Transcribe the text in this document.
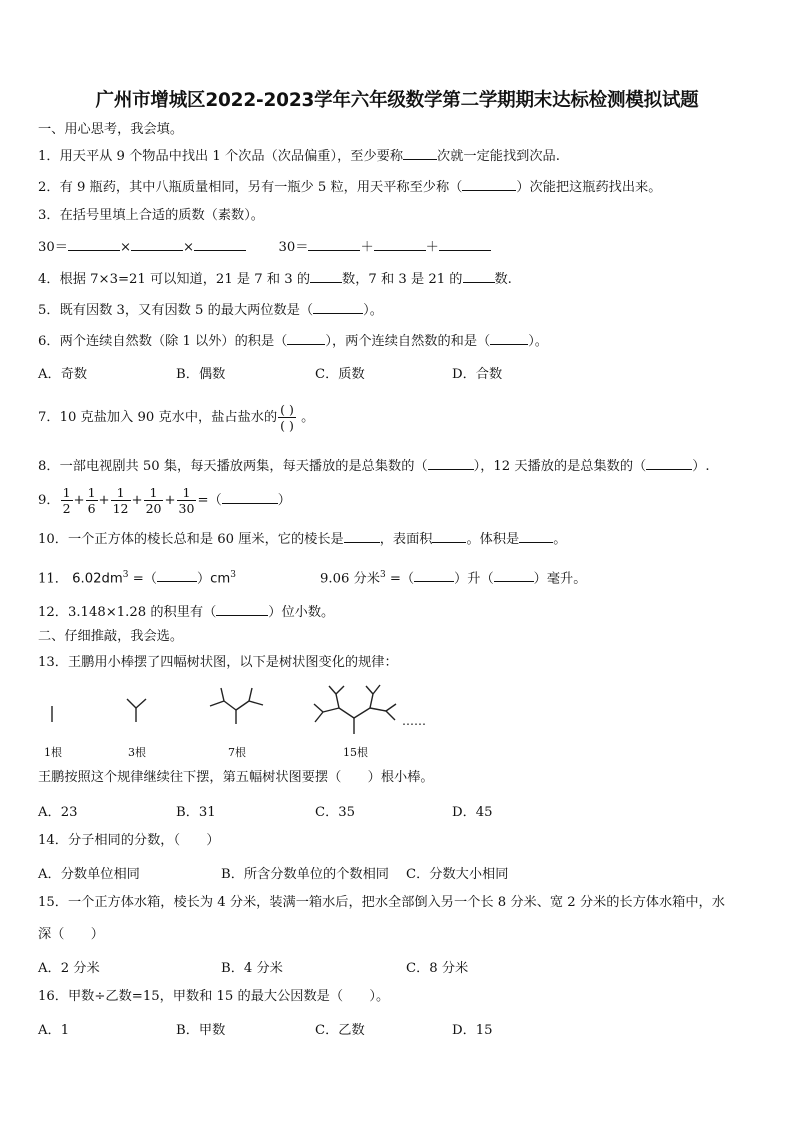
广州市增城区2022-2023学年六年级数学第二学期期末达标检测模拟试题
一、用心思考，我会填。
1．用天平从 9 个物品中找出 1 个次品（次品偏重），至少要称	次就一定能找到次品.
2．有 9 瓶药，其中八瓶质量相同，另有一瓶少 5 粒，用天平称至少称（	）次能把这瓶药找出来。
3．在括号里填上合适的质数（素数）。
30＝	×	×	30＝	＋	＋
4．根据 7×3=21 可以知道，21 是 7 和 3 的 数，7 和 3 是 21 的 数.
5．既有因数 3，又有因数 5 的最大两位数是（	）。
6．两个连续自然数（除 1 以外）的积是（	），两个连续自然数的和是（	）。
A．奇数	B．偶数	C．质数	D．合数
7．10 克盐加入 90 克水中，盐占盐水的 $\frac{( )}{( )}$ 。
8．一部电视剧共 50 集，每天播放两集，每天播放的是总集数的（	），12 天播放的是总集数的（	）.
9． $\frac{1}{2} + \frac{1}{6} + \frac{1}{12} + \frac{1}{20} + \frac{1}{30}$ =（	）
10．一个正方体的棱长总和是 60 厘米，它的棱长是	，表面积	。体积是	。
11． $6.02dm^3$ =（	）$cm^3$	9.06 分米$^3$ =（	）升（	）毫升。
12．3.148×1.28 的积里有（	）位小数。
二、仔细推敲，我会选。
13．王鹏用小棒摆了四幅树状图，以下是树状图变化的规律：
1根	3根	7根	15根
……
王鹏按照这个规律继续往下摆，第五幅树状图要摆（　　）根小棒。
A．23	B．31	C．35	D．45
14．分子相同的分数，（　　）
A．分数单位相同	B．所含分数单位的个数相同 C．分数大小相同
15．一个正方体水箱，棱长为 4 分米，装满一箱水后，把水全部倒入另一个长 8 分米、宽 2 分米的长方体水箱中，水
深（　　）
A．2 分米	B．4 分米	C．8 分米
16．甲数÷乙数=15，甲数和 15 的最大公因数是（　　）。
A．1	B．甲数	C．乙数	D．15
